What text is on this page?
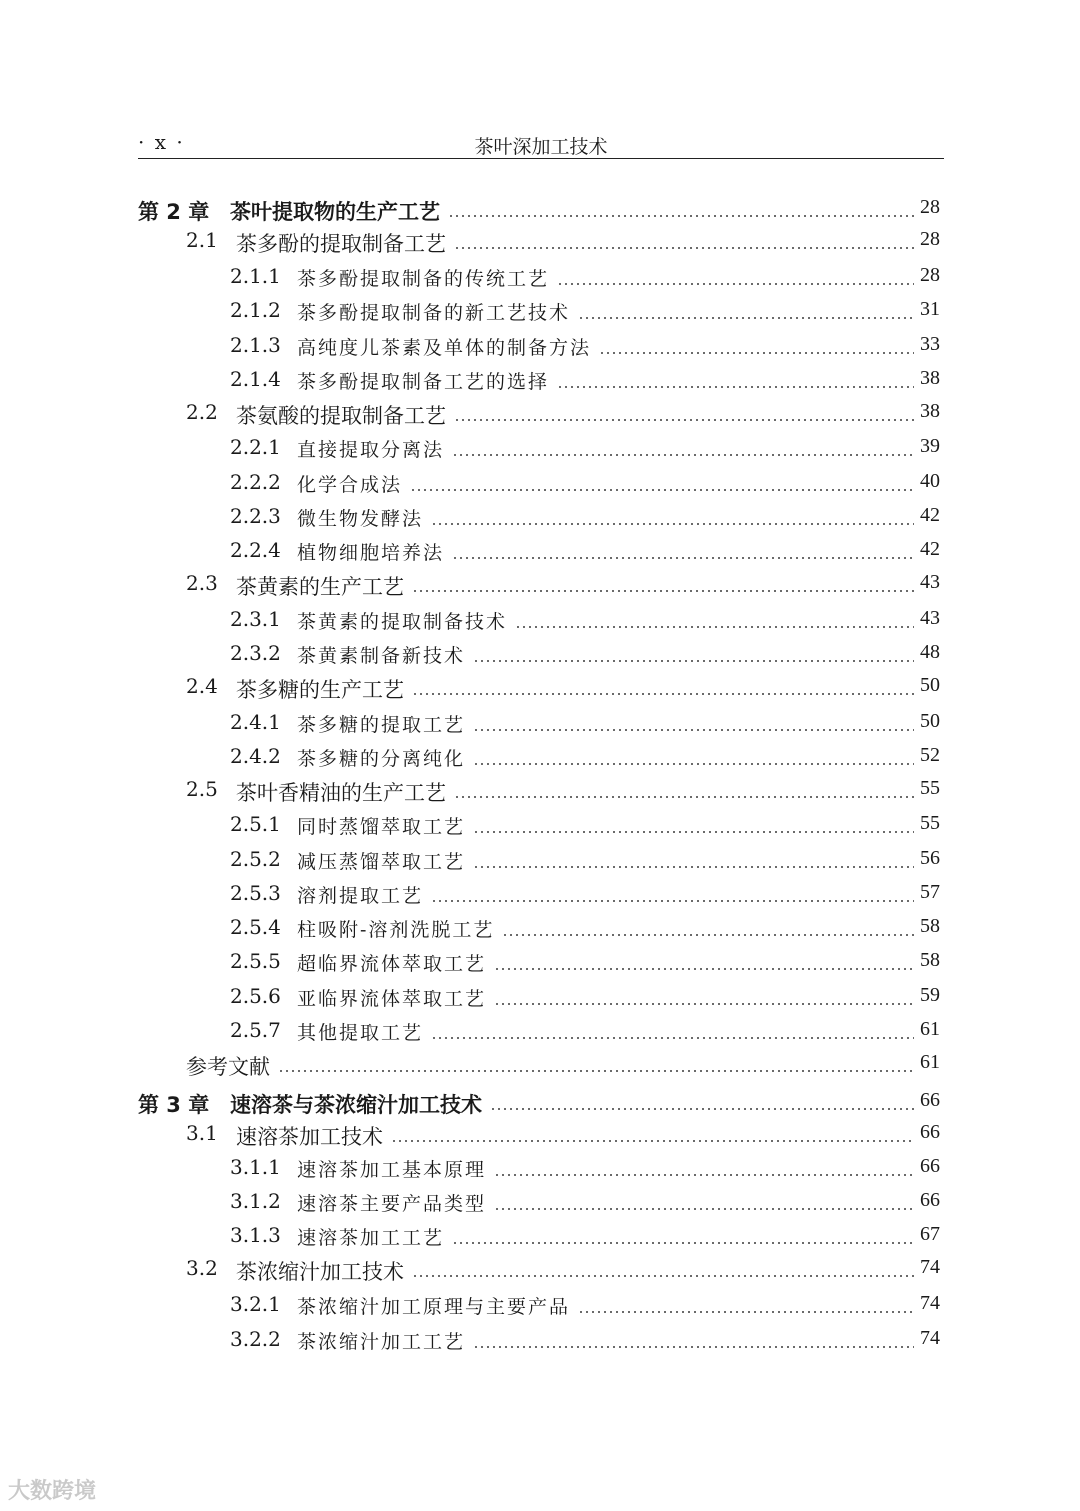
· x ·	茶叶深加工技术
第 2 章 茶叶提取物的生产工艺	28
2.1 茶多酚的提取制备工艺	28
2.1.1 茶多酚提取制备的传统工艺	28
2.1.2 茶多酚提取制备的新工艺技术	31
2.1.3 高纯度儿茶素及单体的制备方法	33
2.1.4 茶多酚提取制备工艺的选择	38
2.2 茶氨酸的提取制备工艺	38
2.2.1 直接提取分离法	39
2.2.2 化学合成法	40
2.2.3 微生物发酵法	42
2.2.4 植物细胞培养法	42
2.3 茶黄素的生产工艺	43
2.3.1 茶黄素的提取制备技术	43
2.3.2 茶黄素制备新技术	48
2.4 茶多糖的生产工艺	50
2.4.1 茶多糖的提取工艺	50
2.4.2 茶多糖的分离纯化	52
2.5 茶叶香精油的生产工艺	55
2.5.1 同时蒸馏萃取工艺	55
2.5.2 减压蒸馏萃取工艺	56
2.5.3 溶剂提取工艺	57
2.5.4 柱吸附-溶剂洗脱工艺	58
2.5.5 超临界流体萃取工艺	58
2.5.6 亚临界流体萃取工艺	59
2.5.7 其他提取工艺	61
参考文献	61
第 3 章 速溶茶与茶浓缩汁加工技术	66
3.1 速溶茶加工技术	66
3.1.1 速溶茶加工基本原理	66
3.1.2 速溶茶主要产品类型	66
3.1.3 速溶茶加工工艺	67
3.2 茶浓缩汁加工技术	74
3.2.1 茶浓缩汁加工原理与主要产品	74
3.2.2 茶浓缩汁加工工艺	74
大数跨境
